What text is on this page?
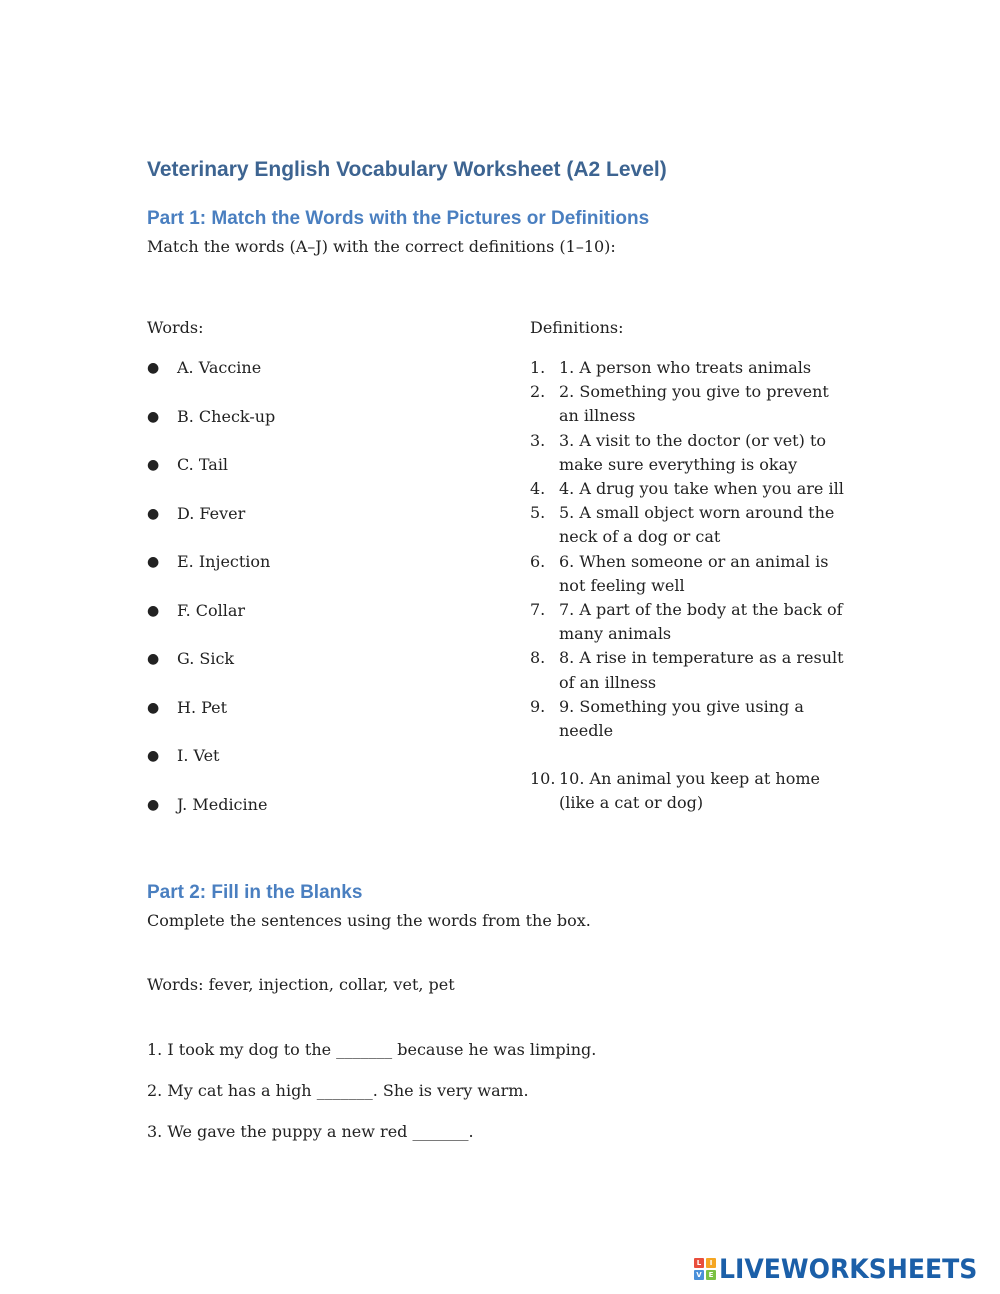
Veterinary English Vocabulary Worksheet (A2 Level)
Part 1: Match the Words with the Pictures or Definitions

Match the words (A–J) with the correct definitions (1–10):

Words:	Definitions:

● A. Vaccine
● B. Check-up
● C. Tail
● D. Fever
● E. Injection
● F. Collar
● G. Sick
● H. Pet
● I. Vet
● J. Medicine
1. 1. A person who treats animals
2. 2. Something you give to prevent an illness
3. 3. A visit to the doctor (or vet) to make sure everything is okay
4. 4. A drug you take when you are ill
5. 5. A small object worn around the neck of a dog or cat
6. 6. When someone or an animal is not feeling well
7. 7. A part of the body at the back of many animals
8. 8. A rise in temperature as a result of an illness
9. 9. Something you give using a needle
10. 10. An animal you keep at home (like a cat or dog)
Part 2: Fill in the Blanks

Complete the sentences using the words from the box.

Words: fever, injection, collar, vet, pet

1. I took my dog to the _______ because he was limping.

2. My cat has a high _______. She is very warm.

3. We gave the puppy a new red _______.

L	I
V E LIVEWORKSHEETS
